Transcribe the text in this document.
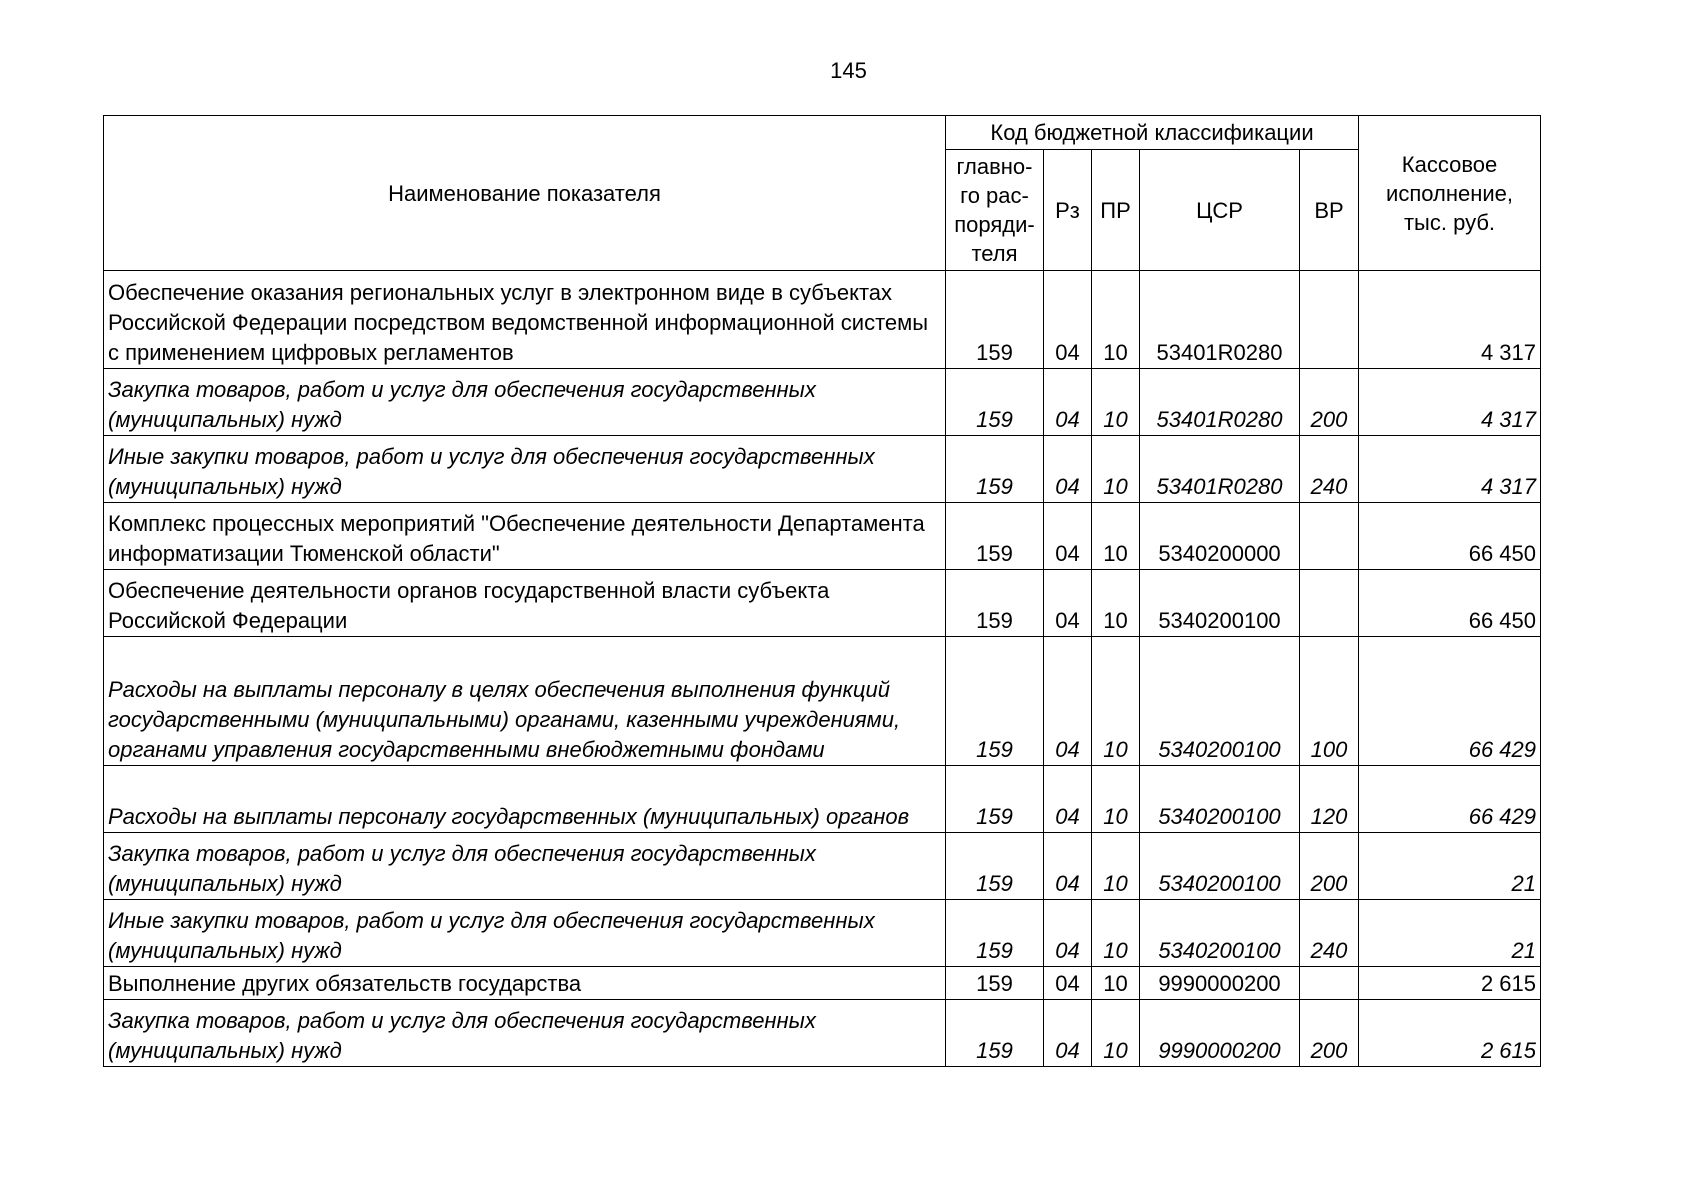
145
Наименование показателя	Код бюджетной классификации					Кассовое исполнение, тыс. руб.
	главно-го рас-поряди-теля	Рз	ПР	ЦСР	ВР	
Обеспечение оказания региональных услуг в электронном виде в субъектах Российской Федерации посредством ведомственной информационной системы с применением цифровых регламентов	159	04	10	53401R0280		4 317
Закупка товаров, работ и услуг для обеспечения государственных (муниципальных) нужд	159	04	10	53401R0280	200	4 317
Иные закупки товаров, работ и услуг для обеспечения государственных (муниципальных) нужд	159	04	10	53401R0280	240	4 317
Комплекс процессных мероприятий "Обеспечение деятельности Департамента информатизации Тюменской области"	159	04	10	5340200000		66 450
Обеспечение деятельности органов государственной власти субъекта Российской Федерации	159	04	10	5340200100		66 450
Расходы на выплаты персоналу в целях обеспечения выполнения функций государственными (муниципальными) органами, казенными учреждениями, органами управления государственными внебюджетными фондами	159	04	10	5340200100	100	66 429
Расходы на выплаты персоналу государственных (муниципальных) органов	159	04	10	5340200100	120	66 429
Закупка товаров, работ и услуг для обеспечения государственных (муниципальных) нужд	159	04	10	5340200100	200	21
Иные закупки товаров, работ и услуг для обеспечения государственных (муниципальных) нужд	159	04	10	5340200100	240	21
Выполнение других обязательств государства	159	04	10	9990000200		2 615
Закупка товаров, работ и услуг для обеспечения государственных (муниципальных) нужд	159	04	10	9990000200	200	2 615
